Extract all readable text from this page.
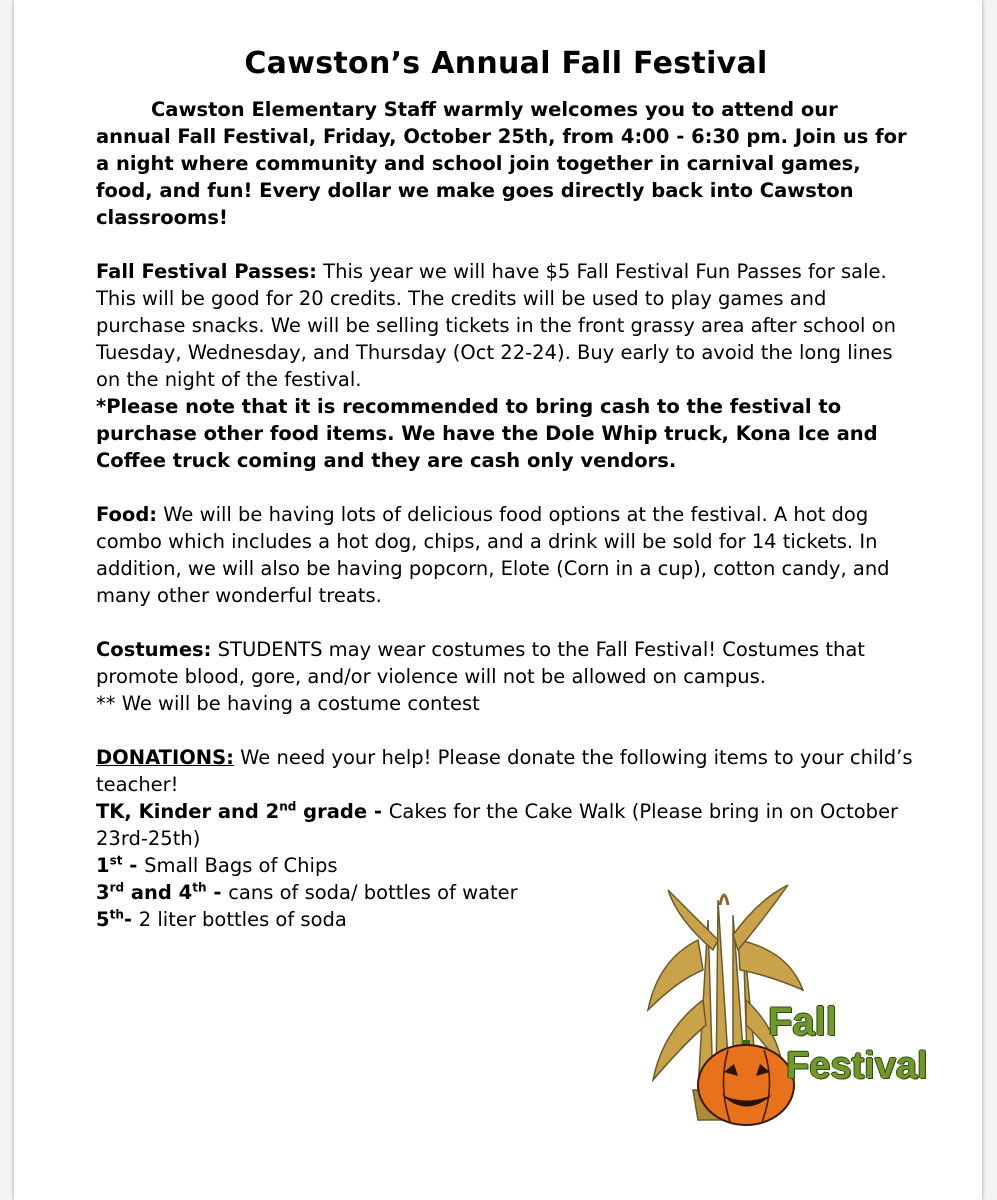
Cawston’s Annual Fall Festival

Cawston Elementary Staff warmly welcomes you to attend our annual Fall Festival, Friday, October 25th, from 4:00 - 6:30 pm. Join us for a night where community and school join together in carnival games, food, and fun! Every dollar we make goes directly back into Cawston classrooms!

Fall Festival Passes: This year we will have $5 Fall Festival Fun Passes for sale. This will be good for 20 credits. The credits will be used to play games and purchase snacks. We will be selling tickets in the front grassy area after school on Tuesday, Wednesday, and Thursday (Oct 22-24). Buy early to avoid the long lines on the night of the festival.

*Please note that it is recommended to bring cash to the festival to purchase other food items. We have the Dole Whip truck, Kona Ice and Coffee truck coming and they are cash only vendors.

Food: We will be having lots of delicious food options at the festival. A hot dog combo which includes a hot dog, chips, and a drink will be sold for 14 tickets. In addition, we will also be having popcorn, Elote (Corn in a cup), cotton candy, and many other wonderful treats.

Costumes: STUDENTS may wear costumes to the Fall Festival! Costumes that promote blood, gore, and/or violence will not be allowed on campus.

** We will be having a costume contest

DONATIONS: We need your help! Please donate the following items to your child’s teacher!

TK, Kinder and 2nd grade - Cakes for the Cake Walk (Please bring in on October 23rd-25th)

1st - Small Bags of Chips

3rd and 4th - cans of soda/ bottles of water

5th- 2 liter bottles of soda

Fall
Festival
